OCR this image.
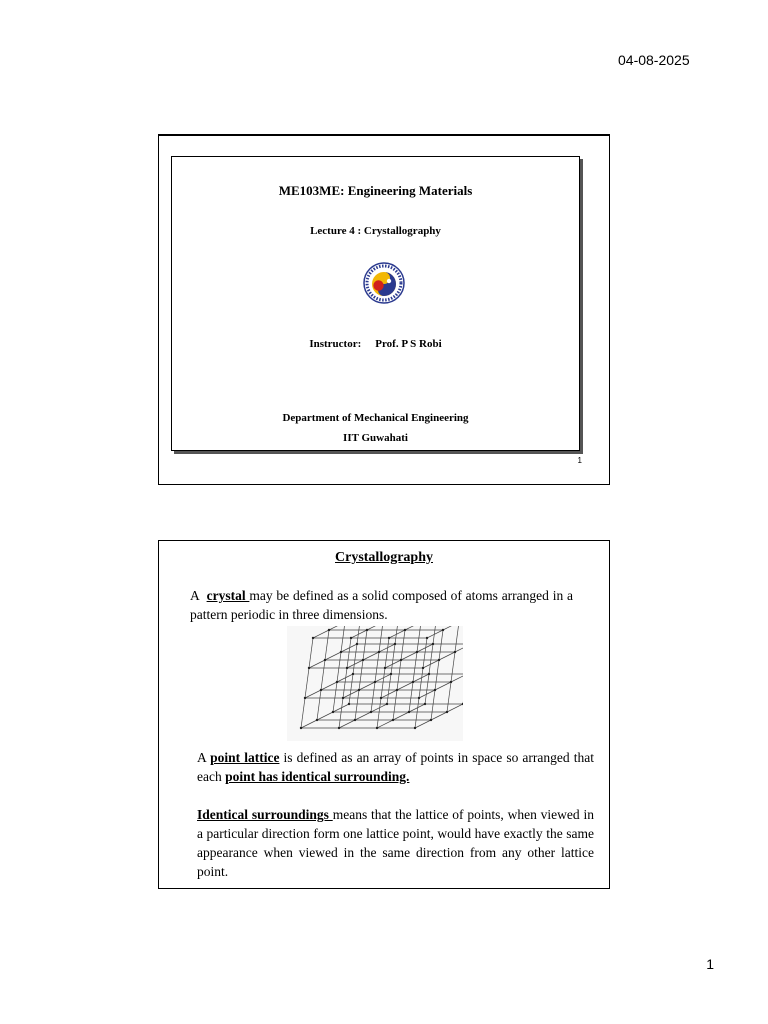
04-08-2025
ME103ME: Engineering Materials
Lecture 4 : Crystallography
Instructor: Prof. P S Robi
Department of Mechanical Engineering
IIT Guwahati
1
Crystallography
A  crystal may be defined as a solid composed of atoms arranged in a pattern periodic in three dimensions.
A point lattice is defined as an array of points in space so arranged that each point has identical surrounding.
Identical surroundings means that the lattice of points, when viewed in a particular direction form one lattice point, would have exactly the same appearance when viewed in the same direction from any other lattice point.
1
